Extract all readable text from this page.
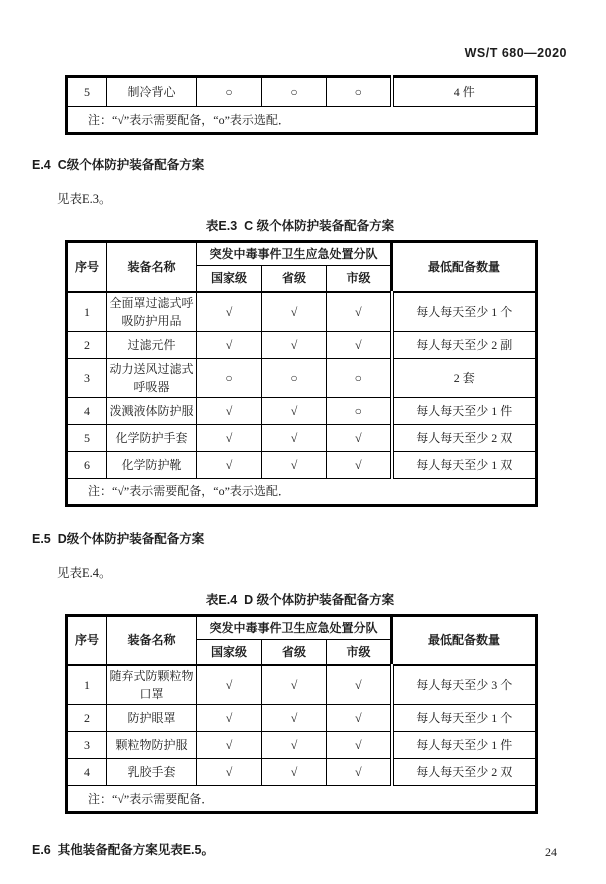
WS/T 680—2020
5	制冷背心	○	○	○	4 件
注：“√”表示需要配备，“o”表示选配．
E.4  C级个体防护装备配备方案
见表E.3。
表E.3  C 级个体防护装备配备方案
序号	装备名称	突发中毒事件卫生应急处置分队			最低配备数量
		国家级	省级	市级	
1	全面罩过滤式呼吸防护用品	√	√	√	每人每天至少 1 个
2	过滤元件	√	√	√	每人每天至少 2 副
3	动力送风过滤式呼吸器	○	○	○	2 套
4	泼溅液体防护服	√	√	○	每人每天至少 1 件
5	化学防护手套	√	√	√	每人每天至少 2 双
6	化学防护靴	√	√	√	每人每天至少 1 双
注：“√”表示需要配备，“o”表示选配．					
E.5  D级个体防护装备配备方案
见表E.4。
表E.4  D 级个体防护装备配备方案
序号	装备名称	突发中毒事件卫生应急处置分队			最低配备数量
		国家级	省级	市级	
1	随弃式防颗粒物口罩	√	√	√	每人每天至少 3 个
2	防护眼罩	√	√	√	每人每天至少 1 个
3	颗粒物防护服	√	√	√	每人每天至少 1 件
4	乳胶手套	√	√	√	每人每天至少 2 双
注：“√”表示需要配备．					
E.6  其他装备配备方案见表E.5。	24
